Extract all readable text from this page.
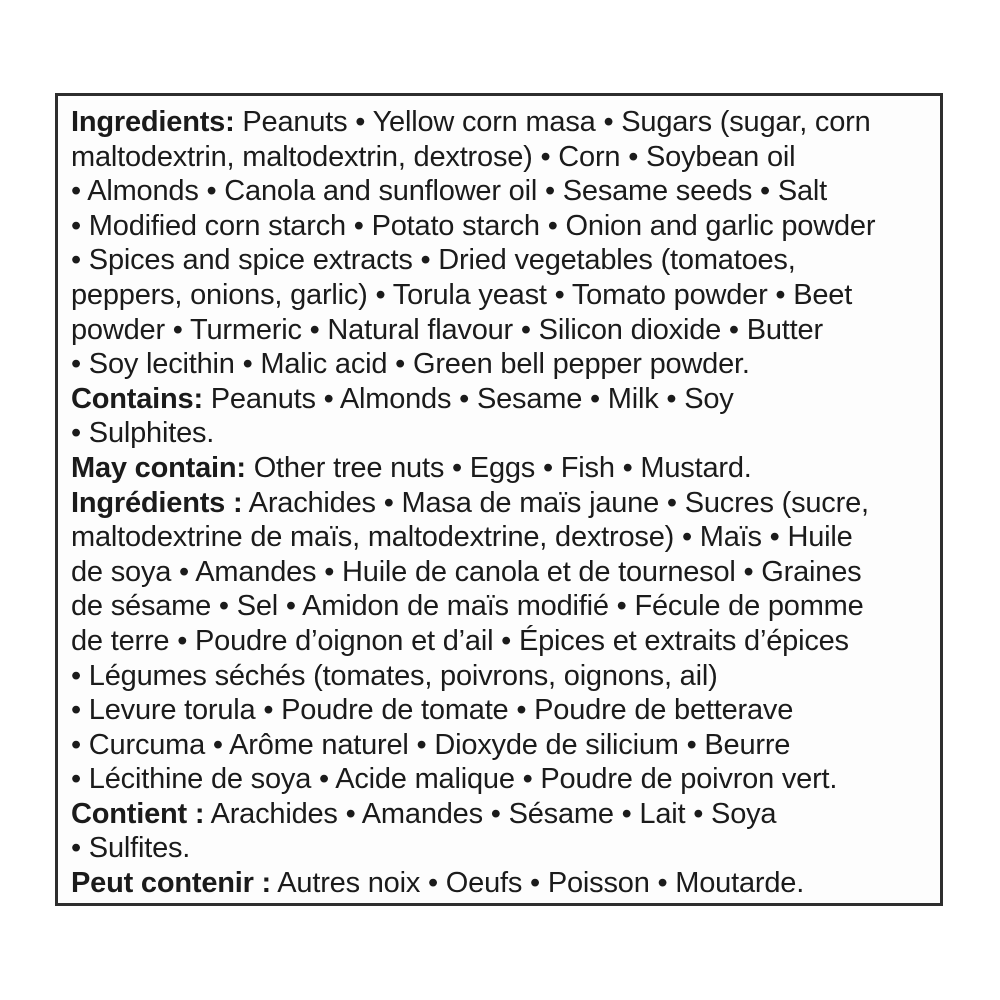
Ingredients: Peanuts • Yellow corn masa • Sugars (sugar, corn
maltodextrin, maltodextrin, dextrose) • Corn • Soybean oil
• Almonds • Canola and sunflower oil • Sesame seeds • Salt
• Modified corn starch • Potato starch • Onion and garlic powder
• Spices and spice extracts • Dried vegetables (tomatoes,
peppers, onions, garlic) • Torula yeast • Tomato powder • Beet
powder • Turmeric • Natural flavour • Silicon dioxide • Butter
• Soy lecithin • Malic acid • Green bell pepper powder.
Contains: Peanuts • Almonds • Sesame • Milk • Soy
• Sulphites.
May contain: Other tree nuts • Eggs • Fish • Mustard.
Ingrédients : Arachides • Masa de maïs jaune • Sucres (sucre,
maltodextrine de maïs, maltodextrine, dextrose) • Maïs • Huile
de soya • Amandes • Huile de canola et de tournesol • Graines
de sésame • Sel • Amidon de maïs modifié • Fécule de pomme
de terre • Poudre d’oignon et d’ail • Épices et extraits d’épices
• Légumes séchés (tomates, poivrons, oignons, ail)
• Levure torula • Poudre de tomate • Poudre de betterave
• Curcuma • Arôme naturel • Dioxyde de silicium • Beurre
• Lécithine de soya • Acide malique • Poudre de poivron vert.
Contient : Arachides • Amandes • Sésame • Lait • Soya
• Sulfites.
Peut contenir : Autres noix • Oeufs • Poisson • Moutarde.
